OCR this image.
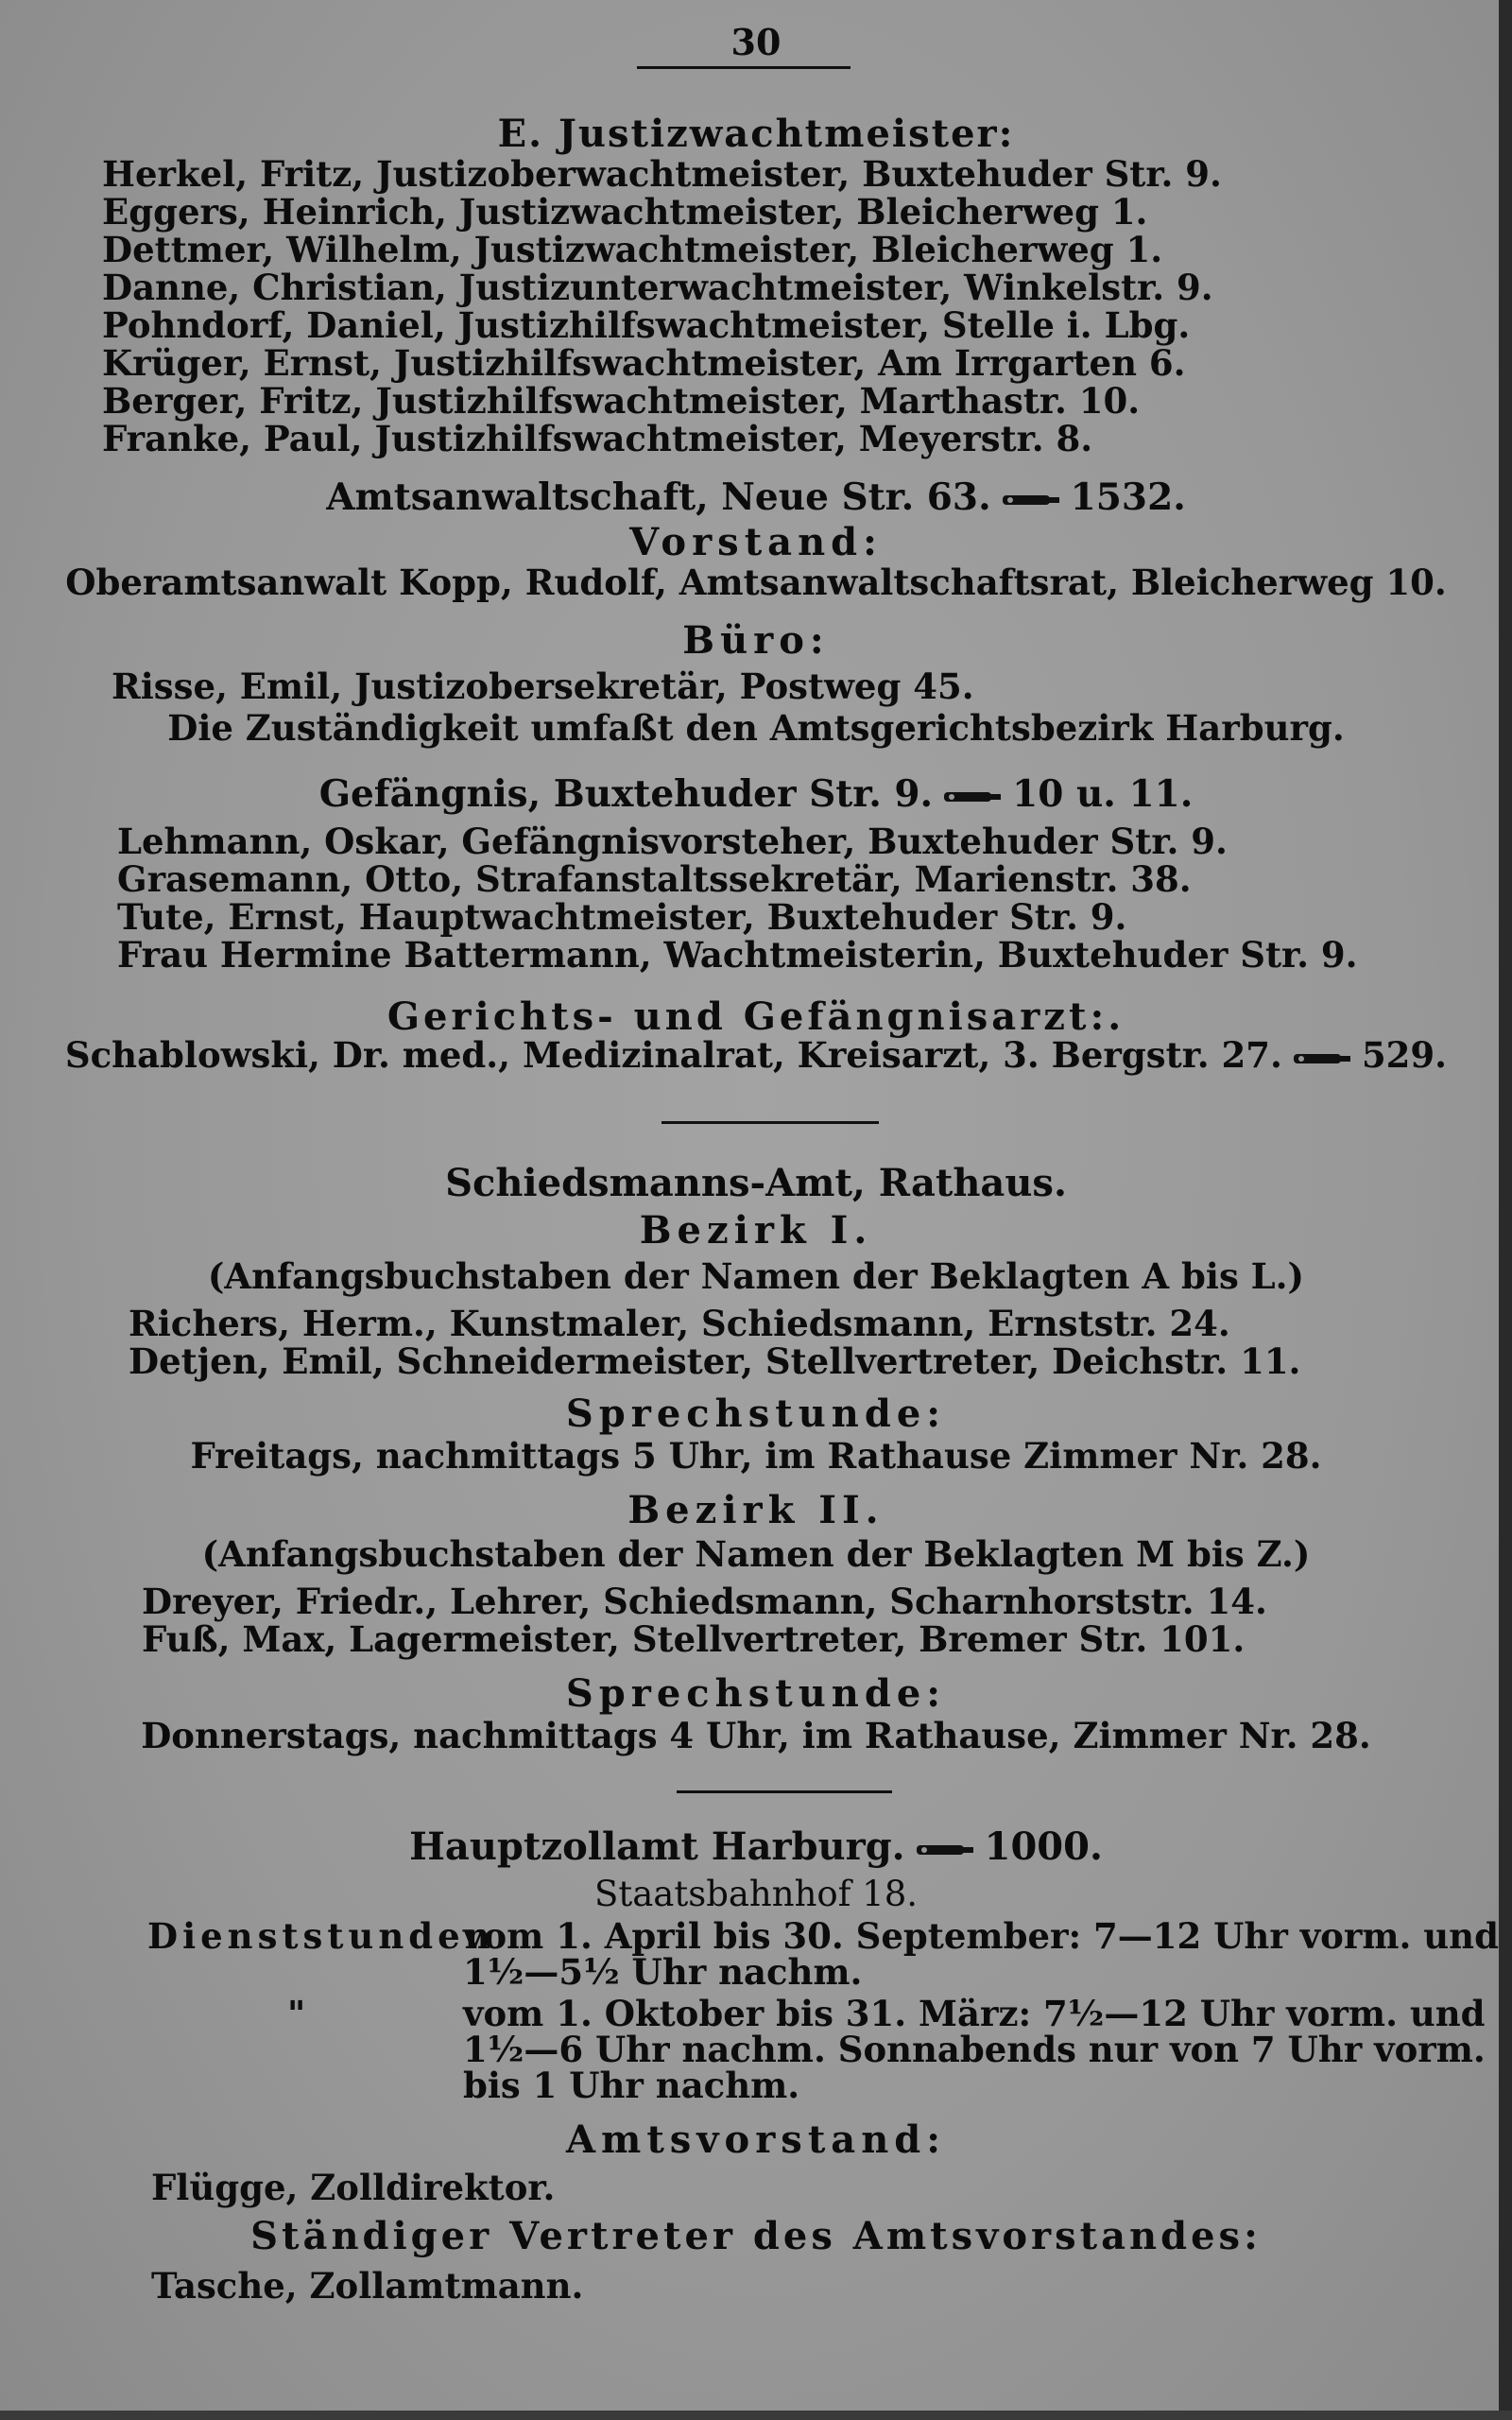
30
E. Justizwachtmeister:
Herkel, Fritz, Justizoberwachtmeister, Buxtehuder Str. 9.
Eggers, Heinrich, Justizwachtmeister, Bleicherweg 1.
Dettmer, Wilhelm, Justizwachtmeister, Bleicherweg 1.
Danne, Christian, Justizunterwachtmeister, Winkelstr. 9.
Pohndorf, Daniel, Justizhilfswachtmeister, Stelle i. Lbg.
Krüger, Ernst, Justizhilfswachtmeister, Am Irrgarten 6.
Berger, Fritz, Justizhilfswachtmeister, Marthastr. 10.
Franke, Paul, Justizhilfswachtmeister, Meyerstr. 8.
Amtsanwaltschaft, Neue Str. 63. 1532.
Vorstand:
Oberamtsanwalt Kopp, Rudolf, Amtsanwaltschaftsrat, Bleicherweg 10.
Büro:
Risse, Emil, Justizobersekretär, Postweg 45.
Die Zuständigkeit umfaßt den Amtsgerichtsbezirk Harburg.
Gefängnis, Buxtehuder Str. 9. 10 u. 11.
Lehmann, Oskar, Gefängnisvorsteher, Buxtehuder Str. 9.
Grasemann, Otto, Strafanstaltssekretär, Marienstr. 38.
Tute, Ernst, Hauptwachtmeister, Buxtehuder Str. 9.
Frau Hermine Battermann, Wachtmeisterin, Buxtehuder Str. 9.
Gerichts- und Gefängnisarzt:.
Schablowski, Dr. med., Medizinalrat, Kreisarzt, 3. Bergstr. 27. 529.
Schiedsmanns-Amt, Rathaus.
Bezirk I.
(Anfangsbuchstaben der Namen der Beklagten A bis L.)
Richers, Herm., Kunstmaler, Schiedsmann, Ernststr. 24.
Detjen, Emil, Schneidermeister, Stellvertreter, Deichstr. 11.
Sprechstunde:
Freitags, nachmittags 5 Uhr, im Rathause Zimmer Nr. 28.
Bezirk II.
(Anfangsbuchstaben der Namen der Beklagten M bis Z.)
Dreyer, Friedr., Lehrer, Schiedsmann, Scharnhorststr. 14.
Fuß, Max, Lagermeister, Stellvertreter, Bremer Str. 101.
Sprechstunde:
Donnerstags, nachmittags 4 Uhr, im Rathause, Zimmer Nr. 28.
Hauptzollamt Harburg. 1000.
Staatsbahnhof 18.
Dienststunden
vom 1. April bis 30. September: 7—12 Uhr vorm. und
1½—5½ Uhr nachm.
"	vom 1. Oktober bis 31. März: 7½—12 Uhr vorm. und
1½—6 Uhr nachm. Sonnabends nur von 7 Uhr vorm.
bis 1 Uhr nachm.
Amtsvorstand:
Flügge, Zolldirektor.
Ständiger Vertreter des Amtsvorstandes:
Tasche, Zollamtmann.
